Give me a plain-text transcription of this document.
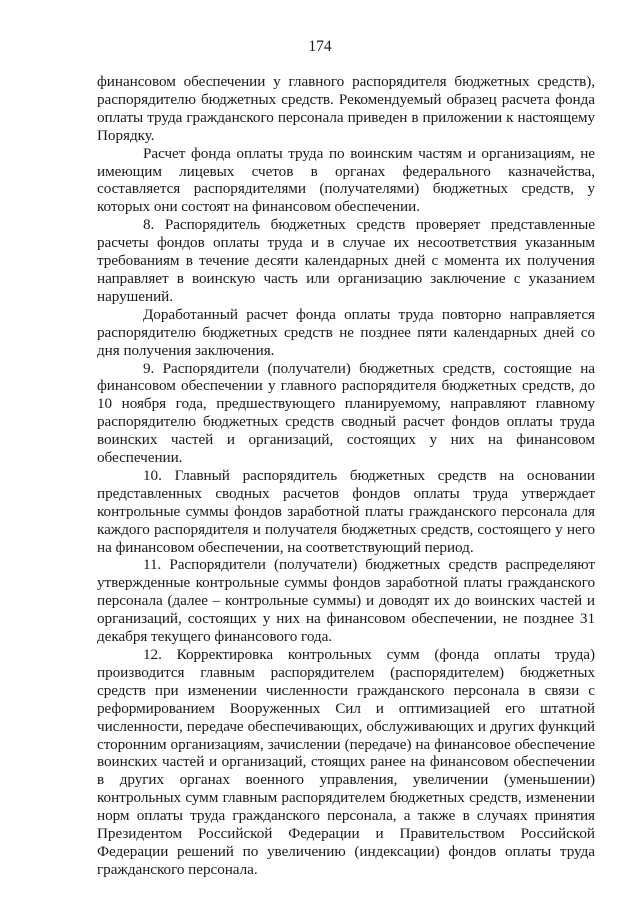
174

финансовом обеспечении у главного распорядителя бюджетных средств), распорядителю бюджетных средств. Рекомендуемый образец расчета фонда оплаты труда гражданского персонала приведен в приложении к настоящему Порядку.

Расчет фонда оплаты труда по воинским частям и организациям, не имеющим лицевых счетов в органах федерального казначейства, составляется распорядителями (получателями) бюджетных средств, у которых они состоят на финансовом обеспечении.

8. Распорядитель бюджетных средств проверяет представленные расчеты фондов оплаты труда и в случае их несоответствия указанным требованиям в течение десяти календарных дней с момента их получения направляет в воинскую часть или организацию заключение с указанием нарушений.

Доработанный расчет фонда оплаты труда повторно направляется распорядителю бюджетных средств не позднее пяти календарных дней со дня получения заключения.

9. Распорядители (получатели) бюджетных средств, состоящие на финансовом обеспечении у главного распорядителя бюджетных средств, до 10 ноября года, предшествующего планируемому, направляют главному распорядителю бюджетных средств сводный расчет фондов оплаты труда воинских частей и организаций, состоящих у них на финансовом обеспечении.

10. Главный распорядитель бюджетных средств на основании представленных сводных расчетов фондов оплаты труда утверждает контрольные суммы фондов заработной платы гражданского персонала для каждого распорядителя и получателя бюджетных средств, состоящего у него на финансовом обеспечении, на соответствующий период.

11. Распорядители (получатели) бюджетных средств распределяют утвержденные контрольные суммы фондов заработной платы гражданского персонала (далее – контрольные суммы) и доводят их до воинских частей и организаций, состоящих у них на финансовом обеспечении, не позднее 31 декабря текущего финансового года.

12. Корректировка контрольных сумм (фонда оплаты труда) производится главным распорядителем (распорядителем) бюджетных средств при изменении численности гражданского персонала в связи с реформированием Вооруженных Сил и оптимизацией его штатной численности, передаче обеспечивающих, обслуживающих и других функций сторонним организациям, зачислении (передаче) на финансовое обеспечение воинских частей и организаций, стоящих ранее на финансовом обеспечении в других органах военного управления, увеличении (уменьшении) контрольных сумм главным распорядителем бюджетных средств, изменении норм оплаты труда гражданского персонала, а также в случаях принятия Президентом Российской Федерации и Правительством Российской Федерации решений по увеличению (индексации) фондов оплаты труда гражданского персонала.
